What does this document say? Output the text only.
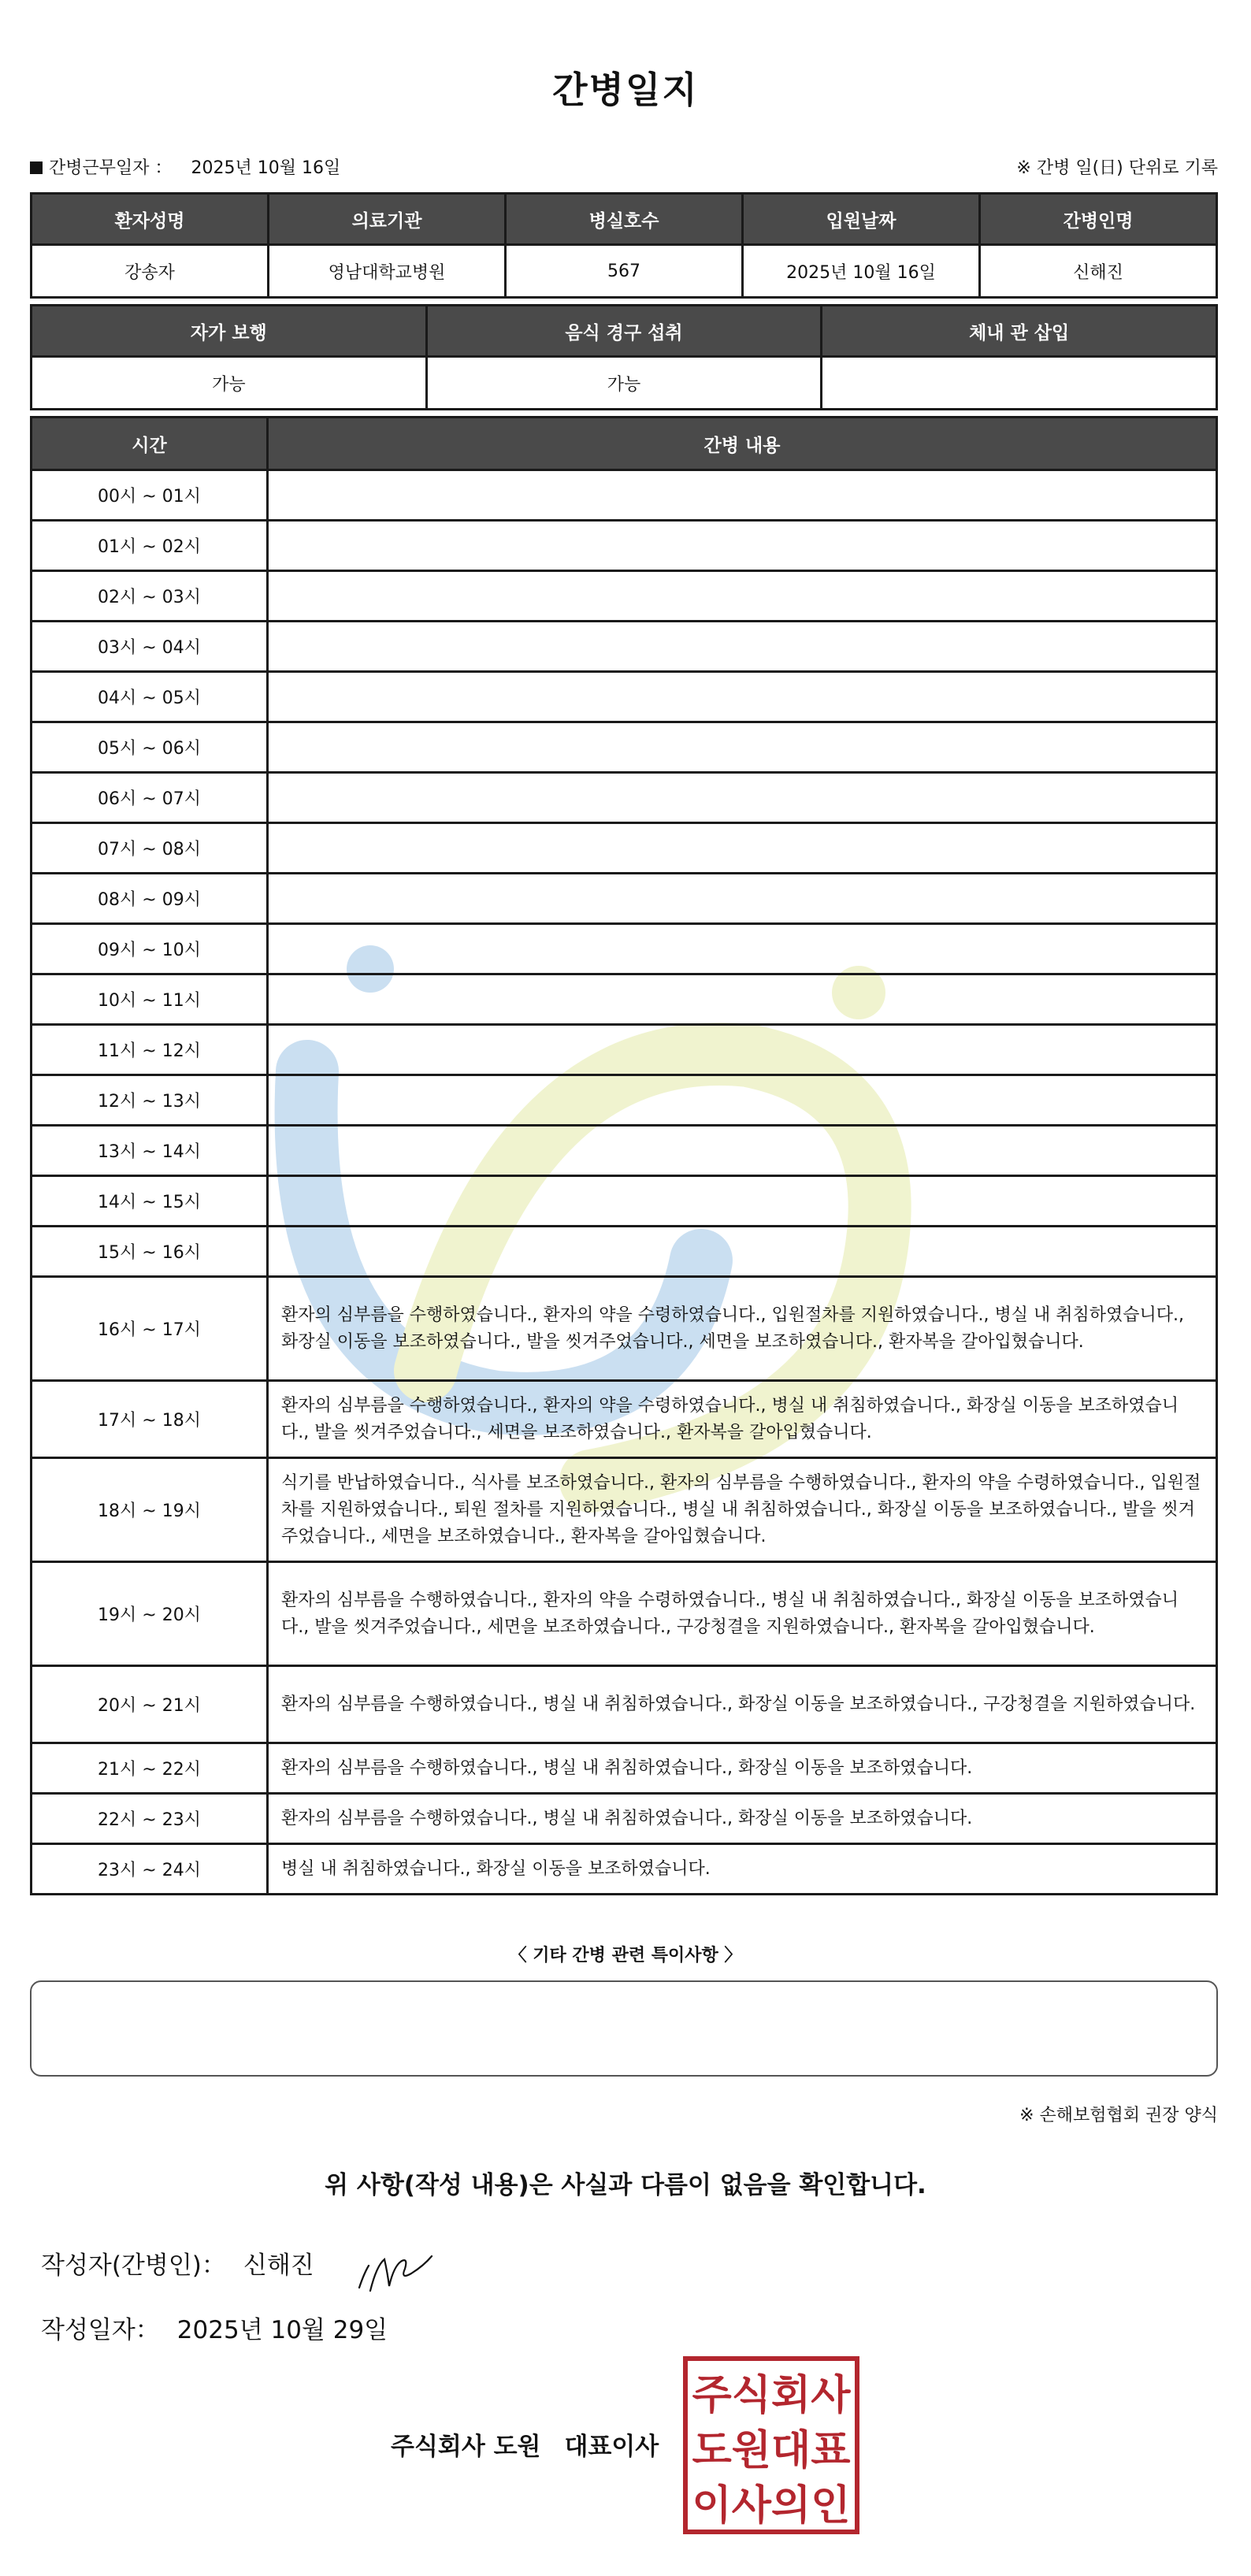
간병일지
간병근무일자 ： 2025년 10월 16일	※ 간병 일(日) 단위로 기록
환자성명	의료기관	병실호수	입원날짜	간병인명
강송자	영남대학교병원	567	2025년 10월 16일	신해진
자가 보행	음식 경구 섭취	체내 관 삽입
가능	가능	
시간	간병 내용
00시 ~ 01시	
01시 ~ 02시	
02시 ~ 03시	
03시 ~ 04시	
04시 ~ 05시	
05시 ~ 06시	
06시 ~ 07시	
07시 ~ 08시	
08시 ~ 09시	
09시 ~ 10시	
10시 ~ 11시	
11시 ~ 12시	
12시 ~ 13시	
13시 ~ 14시	
14시 ~ 15시	
15시 ~ 16시	
16시 ~ 17시	환자의 심부름을 수행하였습니다., 환자의 약을 수령하였습니다., 입원절차를 지원하였습니다., 병실 내 취침하였습니다., 화장실 이동을 보조하였습니다., 발을 씻겨주었습니다., 세면을 보조하였습니다., 환자복을 갈아입혔습니다.
17시 ~ 18시	환자의 심부름을 수행하였습니다., 환자의 약을 수령하였습니다., 병실 내 취침하였습니다., 화장실 이동을 보조하였습니다., 발을 씻겨주었습니다., 세면을 보조하였습니다., 환자복을 갈아입혔습니다.
18시 ~ 19시	식기를 반납하였습니다., 식사를 보조하였습니다., 환자의 심부름을 수행하였습니다., 환자의 약을 수령하였습니다., 입원절차를 지원하였습니다., 퇴원 절차를 지원하였습니다., 병실 내 취침하였습니다., 화장실 이동을 보조하였습니다., 발을 씻겨주었습니다., 세면을 보조하였습니다., 환자복을 갈아입혔습니다.
19시 ~ 20시	환자의 심부름을 수행하였습니다., 환자의 약을 수령하였습니다., 병실 내 취침하였습니다., 화장실 이동을 보조하였습니다., 발을 씻겨주었습니다., 세면을 보조하였습니다., 구강청결을 지원하였습니다., 환자복을 갈아입혔습니다.
20시 ~ 21시	환자의 심부름을 수행하였습니다., 병실 내 취침하였습니다., 화장실 이동을 보조하였습니다., 구강청결을 지원하였습니다.
21시 ~ 22시	환자의 심부름을 수행하였습니다., 병실 내 취침하였습니다., 화장실 이동을 보조하였습니다.
22시 ~ 23시	환자의 심부름을 수행하였습니다., 병실 내 취침하였습니다., 화장실 이동을 보조하였습니다.
23시 ~ 24시	병실 내 취침하였습니다., 화장실 이동을 보조하였습니다.
〈 기타 간병 관련 특이사항 〉
※ 손해보험협회 권장 양식
위 사항(작성 내용)은 사실과 다름이 없음을 확인합니다.
작성자(간병인)： 신해진
작성일자： 2025년 10월 29일
주식회사 도원 대표이사
주식회사
도원대표
이사의인
